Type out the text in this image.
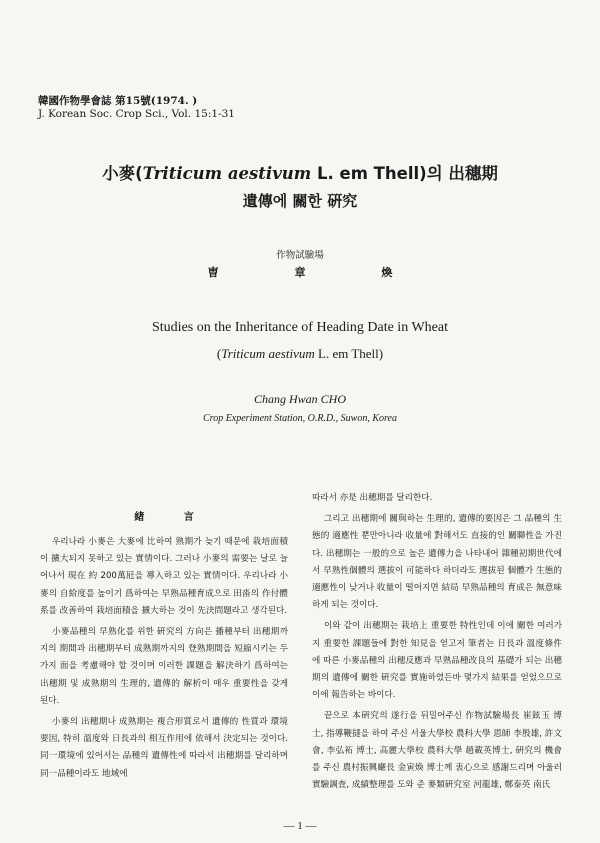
韓國作物學會誌 第15號(1974. )
J. Korean Soc. Crop Sci., Vol. 15:1-31
小麥(Triticum aestivum L. em Thell)의 出穗期
遺傳에 關한 硏究
作物試驗場
曺 章 煥
Studies on the Inheritance of Heading Date in Wheat
(Triticum aestivum L. em Thell)
Chang Hwan CHO
Crop Experiment Station, O.R.D., Suwon, Korea
緖 言

우리나라 小麥은 大麥에 比하여 熟期가 늦기 때문에 栽培面積이 擴大되지 못하고 있는 實情이다. 그러나 小麥의 需要는 날로 늘어나서 現在 約 200萬瓩을 導入하고 있는 實情이다. 우리나라 小麥의 自給度를 높이기 爲하여는 早熟品種育成으로 田畓의 作付體系를 改善하여 栽培面積을 擴大하는 것이 先決問題라고 생각된다.

小麥品種의 早熟化를 위한 硏究의 方向은 播種부터 出穗期까지의 期間과 出穗期부터 成熟期까지의 登熟期間을 短縮시키는 두가지 面을 考慮해야 할 것이며 이러한 課題을 解決하기 爲하여는 出穗期 및 成熟期의 生理的, 遺傳的 解析이 매우 重要性을 갖게 된다.

小麥의 出穗期나 成熟期는 複合形質로서 遺傳的 性質과 環境要因, 特히 溫度와 日長과의 相互作用에 依해서 決定되는 것이다. 同一環境에 있어서는 品種의 遺傳性에 따라서 出穗期를 달리하며 同一品種이라도 地域에

따라서 亦是 出穗期를 달리한다.

그리고 出穗期에 關與하는 生理的, 遺傳的要因은 그 品種의 生態的 適應性 뿐만아니라 收量에 對해서도 直接的인 關聯性을 가진다. 出穗期는 一般的으로 높은 遺傳力을 나타내어 雜種初期世代에서 早熟性個體의 選拔이 可能하다 하더라도 選拔된 個體가 生態的 適應性이 낮거나 收量이 떨어지면 結局 早熟品種의 育成은 無意味하게 되는 것이다.

이와 같이 出穗期는 栽培上 重要한 特性인데 이에 關한 여러가지 重要한 課題들에 對한 知見을 얻고저 筆者는 日長과 溫度條件에 따른 小麥品種의 出穗反應과 早熟品種改良의 基礎가 되는 出穗期의 遺傳에 關한 硏究를 實施하였든바 몇가지 結果를 얻었으므로 이에 報告하는 바이다.

끝으로 本硏究의 遂行을 뒤밀어주신 作物試驗場長 崔鉉玉 博士, 指導鞭撻을 하여 주신 서울大學校 農科大學 恩師 李殷雄, 許文會, 李弘祏 博士, 高麗大學校 農科大學 趙載英博士, 硏究의 機會를 주신 農村振興廳長 金寅煥 博士께 衷心으로 感謝드리며 아울러 實驗調査, 成績整理를 도와 준 麥類硏究室 河龍雄, 鄭泰英 南氏

— 1 —
